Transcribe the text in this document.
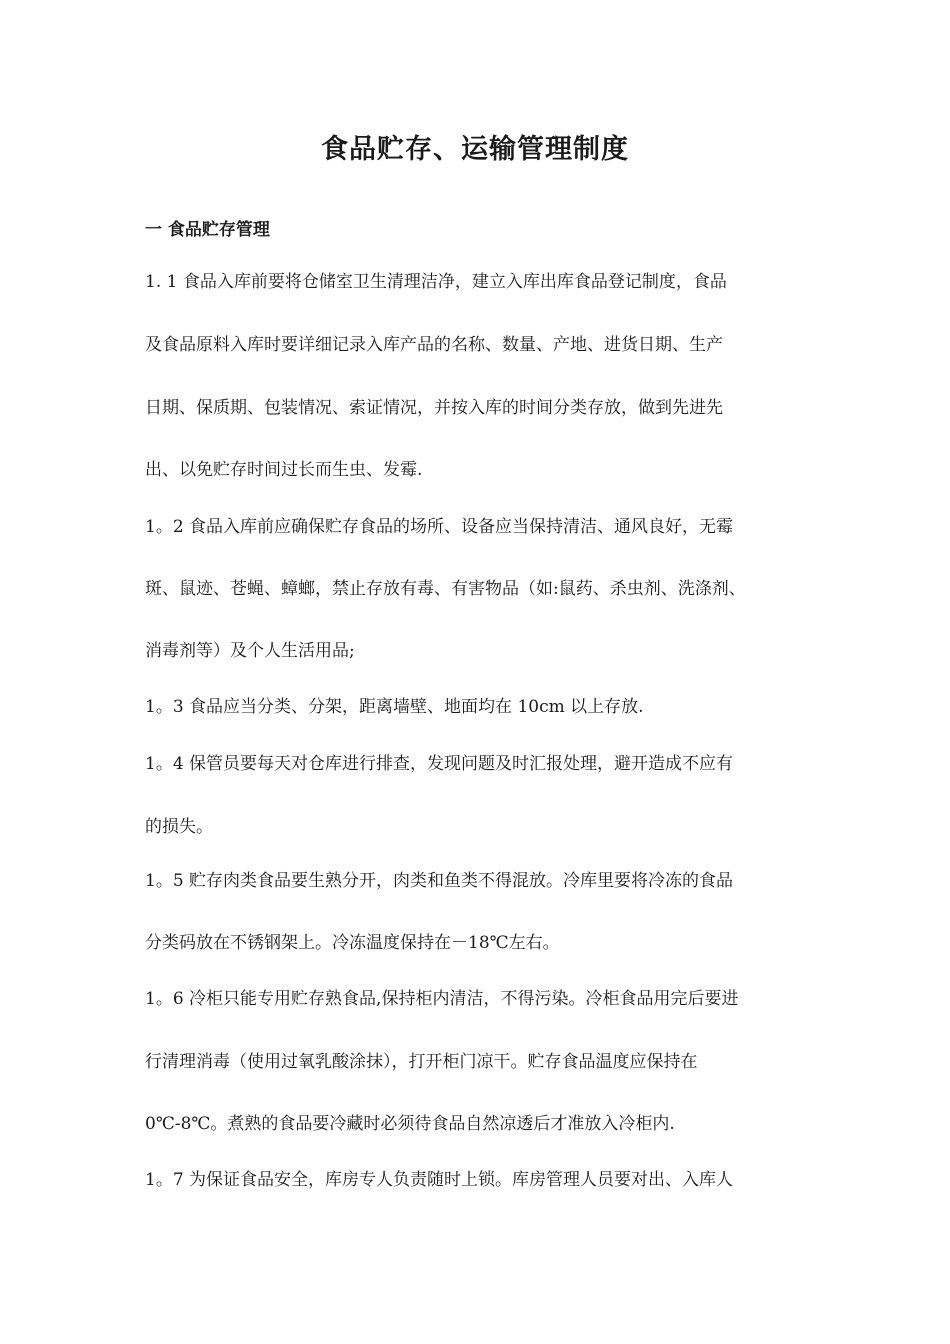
食品贮存、运输管理制度
一 食品贮存管理

1. 1 食品入库前要将仓储室卫生清理洁净，建立入库出库食品登记制度，食品

及食品原料入库时要详细记录入库产品的名称、数量、产地、进货日期、生产

日期、保质期、包装情况、索证情况，并按入库的时间分类存放，做到先进先

出、以免贮存时间过长而生虫、发霉.

1。2 食品入库前应确保贮存食品的场所、设备应当保持清洁、通风良好，无霉

斑、鼠迹、苍蝇、蟑螂，禁止存放有毒、有害物品（如:鼠药、杀虫剂、洗涤剂、

消毒剂等）及个人生活用品;

1。3 食品应当分类、分架，距离墙壁、地面均在 10cm 以上存放.

1。4 保管员要每天对仓库进行排查，发现问题及时汇报处理，避开造成不应有

的损失。

1。5 贮存肉类食品要生熟分开，肉类和鱼类不得混放。冷库里要将冷冻的食品

分类码放在不锈钢架上。冷冻温度保持在－18℃左右。

1。6 冷柜只能专用贮存熟食品,保持柜内清洁，不得污染。冷柜食品用完后要进

行清理消毒（使用过氧乳酸涂抹），打开柜门凉干。贮存食品温度应保持在

0℃-8℃。煮熟的食品要冷藏时必须待食品自然凉透后才准放入冷柜内.

1。7 为保证食品安全，库房专人负责随时上锁。库房管理人员要对出、入库人
